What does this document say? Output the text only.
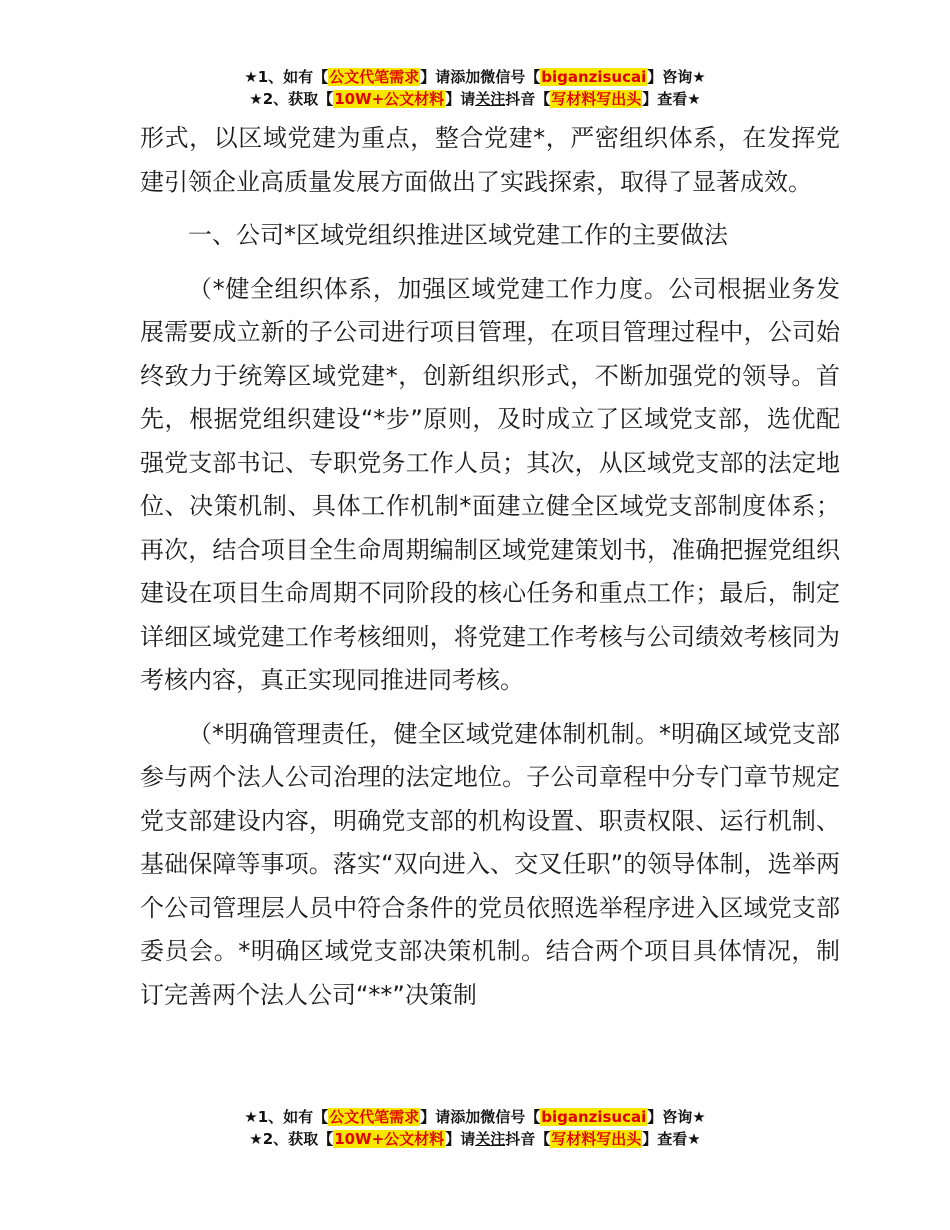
★1、如有【公文代笔需求】请添加微信号【biganzisucai】咨询★
★2、获取【10W+公文材料】请关注抖音【写材料写出头】查看★

形式，以区域党建为重点，整合党建*，严密组织体系，在发挥党建引领企业高质量发展方面做出了实践探索，取得了显著成效。

一、公司*区域党组织推进区域党建工作的主要做法

（*健全组织体系，加强区域党建工作力度。公司根据业务发展需要成立新的子公司进行项目管理，在项目管理过程中，公司始终致力于统筹区域党建*，创新组织形式，不断加强党的领导。首先，根据党组织建设“*步”原则，及时成立了区域党支部，选优配强党支部书记、专职党务工作人员；其次，从区域党支部的法定地位、决策机制、具体工作机制*面建立健全区域党支部制度体系；再次，结合项目全生命周期编制区域党建策划书，准确把握党组织建设在项目生命周期不同阶段的核心任务和重点工作；最后，制定详细区域党建工作考核细则，将党建工作考核与公司绩效考核同为考核内容，真正实现同推进同考核。

（*明确管理责任，健全区域党建体制机制。*明确区域党支部参与两个法人公司治理的法定地位。子公司章程中分专门章节规定党支部建设内容，明确党支部的机构设置、职责权限、运行机制、基础保障等事项。落实“双向进入、交叉任职”的领导体制，选举两个公司管理层人员中符合条件的党员依照选举程序进入区域党支部委员会。*明确区域党支部决策机制。结合两个项目具体情况，制订完善两个法人公司“**”决策制

★1、如有【公文代笔需求】请添加微信号【biganzisucai】咨询★
★2、获取【10W+公文材料】请关注抖音【写材料写出头】查看★
